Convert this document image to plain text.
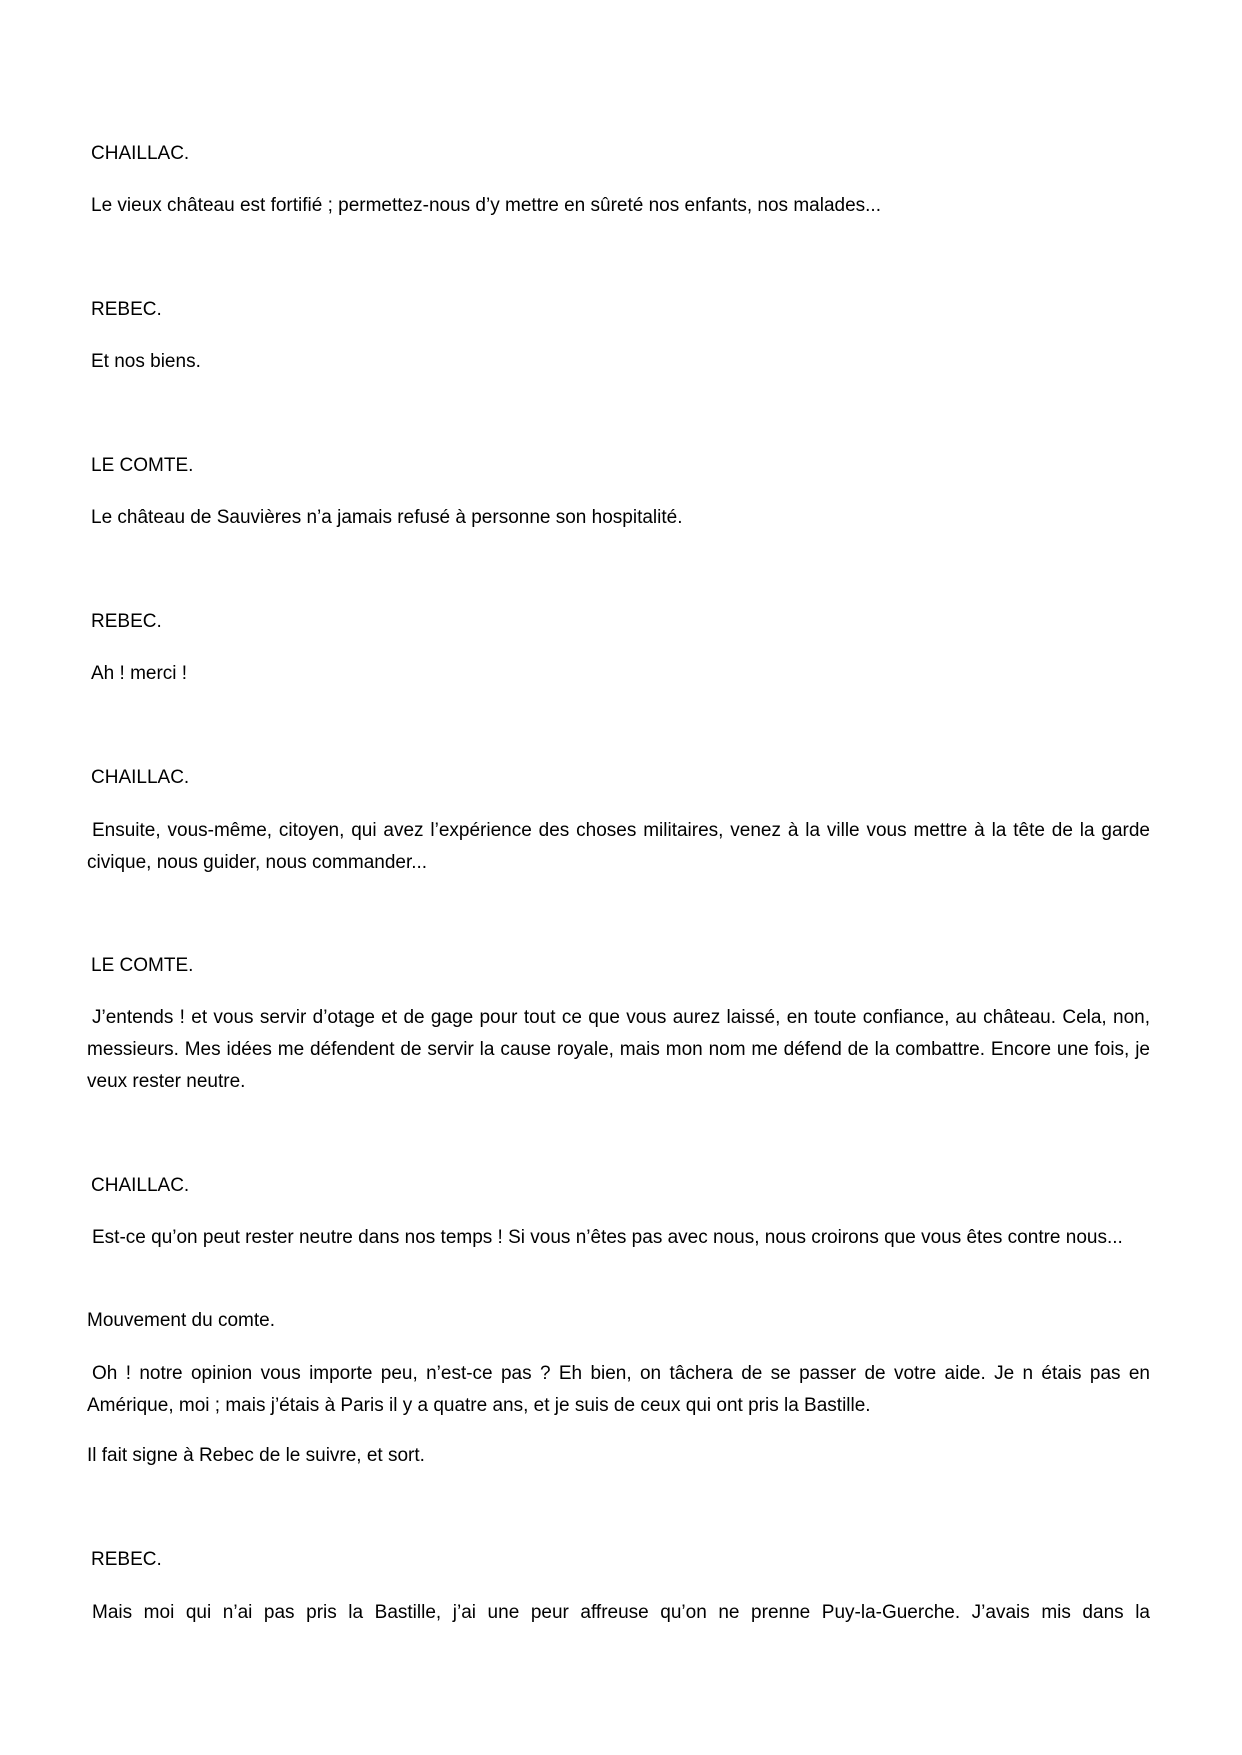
CHAILLAC.

Le vieux château est fortifié ; permettez-nous d’y mettre en sûreté nos enfants, nos malades...

REBEC.

Et nos biens.

LE COMTE.

Le château de Sauvières n’a jamais refusé à personne son hospitalité.

REBEC.

Ah ! merci !

CHAILLAC.

Ensuite, vous-même, citoyen, qui avez l’expérience des choses militaires, venez à la ville vous mettre à la tête de la garde civique, nous guider, nous commander...

LE COMTE.

J’entends ! et vous servir d’otage et de gage pour tout ce que vous aurez laissé, en toute confiance, au château. Cela, non, messieurs. Mes idées me défendent de servir la cause royale, mais mon nom me défend de la combattre. Encore une fois, je veux rester neutre.

CHAILLAC.

Est-ce qu’on peut rester neutre dans nos temps ! Si vous n’êtes pas avec nous, nous croirons que vous êtes contre nous...

Mouvement du comte.

Oh ! notre opinion vous importe peu, n’est-ce pas ? Eh bien, on tâchera de se passer de votre aide. Je n étais pas en Amérique, moi ; mais j’étais à Paris il y a quatre ans, et je suis de ceux qui ont pris la Bastille.

Il fait signe à Rebec de le suivre, et sort.

REBEC.

Mais moi qui n’ai pas pris la Bastille, j’ai une peur affreuse qu’on ne prenne Puy-la-Guerche. J’avais mis dans la
